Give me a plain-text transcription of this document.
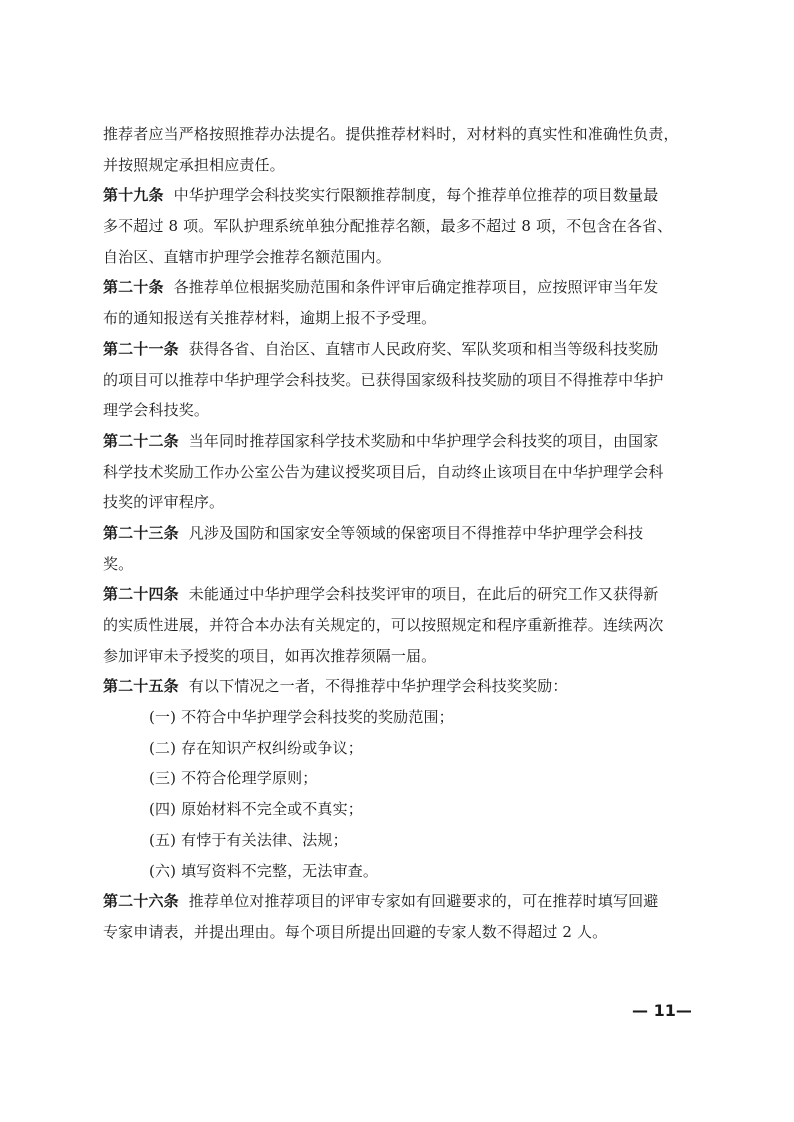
推荐者应当严格按照推荐办法提名。提供推荐材料时，对材料的真实性和准确性负责，
并按照规定承担相应责任。
第十九条 中华护理学会科技奖实行限额推荐制度，每个推荐单位推荐的项目数量最
多不超过 8 项。军队护理系统单独分配推荐名额，最多不超过 8 项，不包含在各省、
自治区、直辖市护理学会推荐名额范围内。
第二十条 各推荐单位根据奖励范围和条件评审后确定推荐项目，应按照评审当年发
布的通知报送有关推荐材料，逾期上报不予受理。
第二十一条 获得各省、自治区、直辖市人民政府奖、军队奖项和相当等级科技奖励
的项目可以推荐中华护理学会科技奖。已获得国家级科技奖励的项目不得推荐中华护
理学会科技奖。
第二十二条 当年同时推荐国家科学技术奖励和中华护理学会科技奖的项目，由国家
科学技术奖励工作办公室公告为建议授奖项目后，自动终止该项目在中华护理学会科
技奖的评审程序。
第二十三条 凡涉及国防和国家安全等领域的保密项目不得推荐中华护理学会科技
奖。
第二十四条 未能通过中华护理学会科技奖评审的项目，在此后的研究工作又获得新
的实质性进展，并符合本办法有关规定的，可以按照规定和程序重新推荐。连续两次
参加评审未予授奖的项目，如再次推荐须隔一届。
第二十五条 有以下情况之一者，不得推荐中华护理学会科技奖奖励：
(一) 不符合中华护理学会科技奖的奖励范围；
(二) 存在知识产权纠纷或争议；
(三) 不符合伦理学原则；
(四) 原始材料不完全或不真实；
(五) 有悖于有关法律、法规；
(六) 填写资料不完整，无法审查。
第二十六条 推荐单位对推荐项目的评审专家如有回避要求的，可在推荐时填写回避
专家申请表，并提出理由。每个项目所提出回避的专家人数不得超过 2 人。
— 11—
